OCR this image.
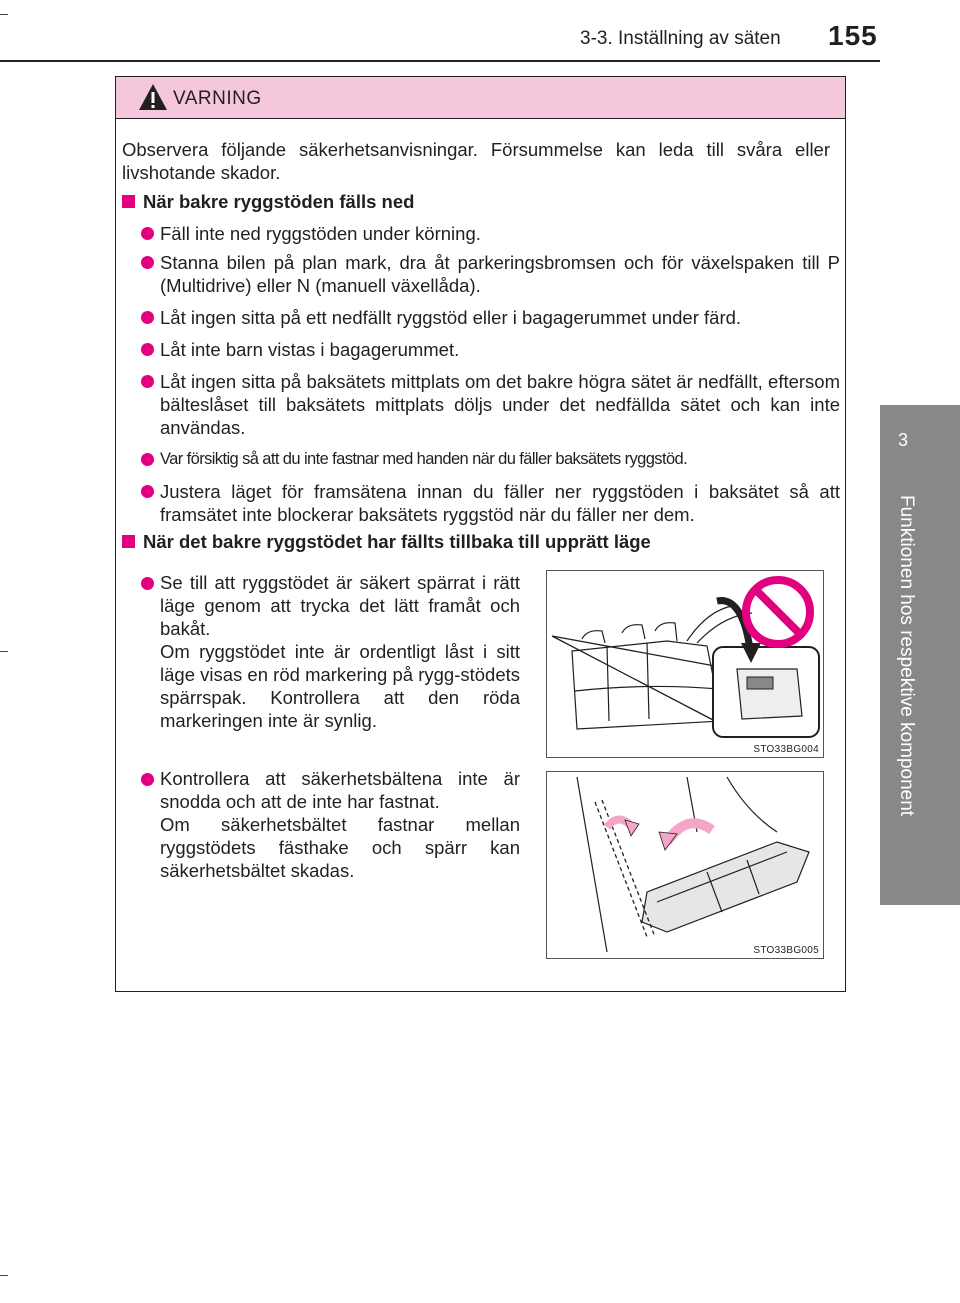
3-3. Inställning av säten 155
3
Funktionen hos respektive komponent
VARNING
Observera följande säkerhetsanvisningar. Försummelse kan leda till svåra eller livshotande skador.
När bakre ryggstöden fälls ned
Fäll inte ned ryggstöden under körning.
Stanna bilen på plan mark, dra åt parkeringsbromsen och för växelspaken till P (Multidrive) eller N (manuell växellåda).
Låt ingen sitta på ett nedfällt ryggstöd eller i bagagerummet under färd.
Låt inte barn vistas i bagagerummet.
Låt ingen sitta på baksätets mittplats om det bakre högra sätet är nedfällt, eftersom bälteslåset till baksätets mittplats döljs under det nedfällda sätet och kan inte användas.
Var försiktig så att du inte fastnar med handen när du fäller baksätets ryggstöd.
Justera läget för framsätena innan du fäller ner ryggstöden i baksätet så att framsätet inte blockerar baksätets ryggstöd när du fäller ner dem.
När det bakre ryggstödet har fällts tillbaka till upprätt läge
Se till att ryggstödet är säkert spärrat i rätt läge genom att trycka det lätt framåt och bakåt.
Om ryggstödet inte är ordentligt låst i sitt läge visas en röd markering på rygg-stödets spärrspak. Kontrollera att den röda markeringen inte är synlig.
STO33BG004
Kontrollera att säkerhetsbältena inte är snodda och att de inte har fastnat.
Om säkerhetsbältet fastnar mellan ryggstödets fästhake och spärr kan säkerhetsbältet skadas.
STO33BG005
